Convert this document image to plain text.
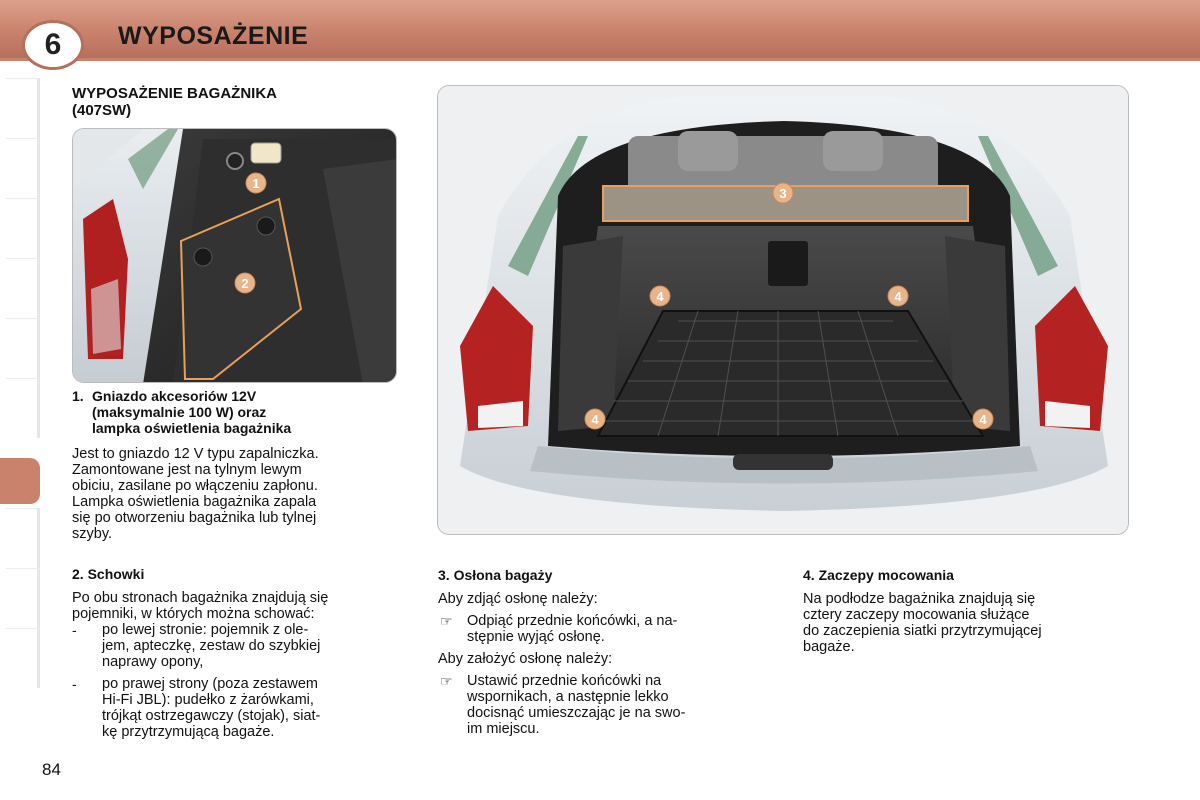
6	WYPOSAŻENIE
WYPOSAŻENIE BAGAŻNIKA
(407SW)
1
2
3
4	4
4	4
1. Gniazdo akcesoriów 12V
(maksymalnie 100 W) oraz
lampka oświetlenia bagażnika
Jest to gniazdo 12 V typu zapalniczka.
Zamontowane jest na tylnym lewym
obiciu, zasilane po włączeniu zapłonu.
Lampka oświetlenia bagażnika zapala
się po otworzeniu bagażnika lub tylnej
szyby.
2. Schowki
Po obu stronach bagażnika znajdują się
pojemniki, w których można schować:
- po lewej stronie: pojemnik z ole-
jem, apteczkę, zestaw do szybkiej
naprawy opony,
- po prawej strony (poza zestawem
Hi-Fi JBL): pudełko z żarówkami,
trójkąt ostrzegawczy (stojak), siat-
kę przytrzymującą bagaże.
3. Osłona bagaży
Aby zdjąć osłonę należy:
☞ Odpiąć przednie końcówki, a na-
stępnie wyjąć osłonę.
Aby założyć osłonę należy:
☞ Ustawić przednie końcówki na
wspornikach, a następnie lekko
docisnąć umieszczając je na swo-
im miejscu.
4. Zaczepy mocowania
Na podłodze bagażnika znajdują się
cztery zaczepy mocowania służące
do zaczepienia siatki przytrzymującej
bagaże.
84
